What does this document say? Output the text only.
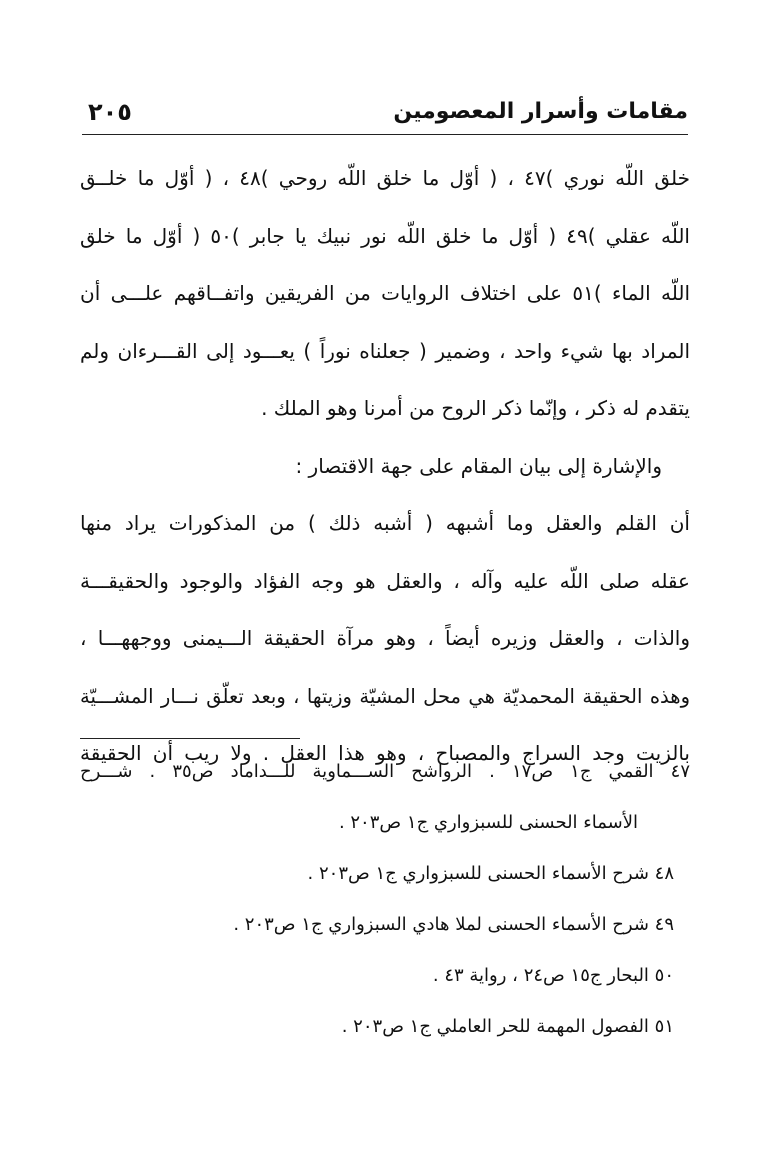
مقامات وأسرار المعصومين
٢٠٥
خلق اللّه نوري )٤٧ ، ( أوّل ما خلق اللّه روحي )٤٨ ، ( أوّل ما خلــق
اللّه عقلي )٤٩ ( أوّل ما خلق اللّه نور نبيك يا جابر )٥٠ ( أوّل ما خلق
اللّه الماء )٥١ على اختلاف الروايات من الفريقين واتفــاقهم علـــى أن
المراد بها شيء واحد ، وضمير ( جعلناه نوراً ) يعـــود إلى القـــرءان ولم
يتقدم له ذكر ، وإنّما ذكر الروح من أمرنا وهو الملك .
والإشارة إلى بيان المقام على جهة الاقتصار :
أن القلم والعقل وما أشبهه ( أشبه ذلك ) من المذكورات يراد منها
عقله صلى اللّه عليه وآله ، والعقل هو وجه الفؤاد والوجود والحقيقـــة
والذات ، والعقل وزيره أيضاً ، وهو مرآة الحقيقة الـــيمنى ووجههـــا ،
وهذه الحقيقة المحمديّة هي محل المشيّة وزيتها ، وبعد تعلّق نـــار المشـــيّة
بالزيت وجد السراج والمصباح ، وهو هذا العقل . ولا ريب أن الحقيقة
٤٧ القمي ج١ ص١٧ . الرواشح الســـماوية للـــداماد ص٣٥ . شـــرح
الأسماء الحسنى للسبزواري ج١ ص٢٠٣ .
٤٨ شرح الأسماء الحسنى للسبزواري ج١ ص٢٠٣ .
٤٩ شرح الأسماء الحسنى لملا هادي السبزواري ج١ ص٢٠٣ .
٥٠ البحار ج١٥ ص٢٤ ، رواية ٤٣ .
٥١ الفصول المهمة للحر العاملي ج١ ص٢٠٣ .
